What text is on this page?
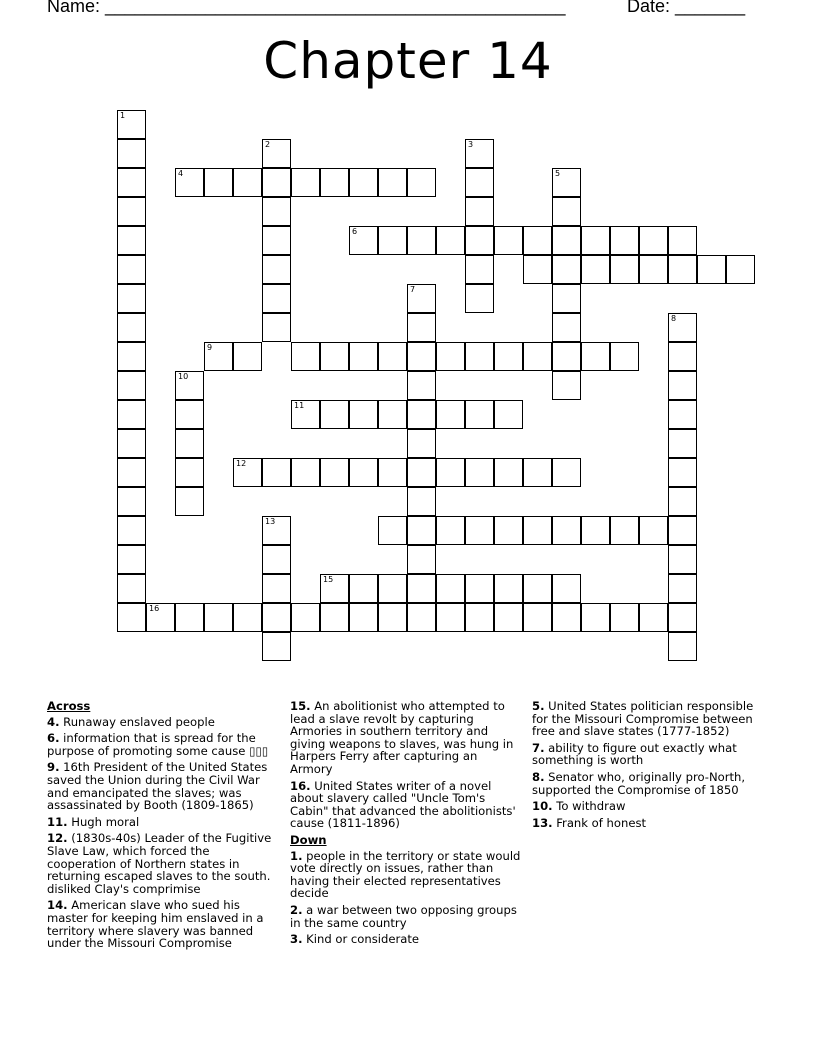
Name: ______________________________________________	Date: _______
Chapter 14
1
2	3
5
4
6
7
8
9
10
11
12
13
15
16
Across
4. Runaway enslaved people
6. information that is spread for the purpose of promoting some cause ▯▯▯
9. 16th President of the United States saved the Union during the Civil War and emancipated the slaves; was assassinated by Booth (1809-1865)
11. Hugh moral
12. (1830s-40s) Leader of the Fugitive Slave Law, which forced the cooperation of Northern states in returning escaped slaves to the south. disliked Clay's comprimise
14. American slave who sued his master for keeping him enslaved in a territory where slavery was banned under the Missouri Compromise
15. An abolitionist who attempted to lead a slave revolt by capturing Armories in southern territory and giving weapons to slaves, was hung in Harpers Ferry after capturing an Armory
16. United States writer of a novel about slavery called "Uncle Tom's Cabin" that advanced the abolitionists' cause (1811-1896)
Down
1. people in the territory or state would vote directly on issues, rather than having their elected representatives decide
2. a war between two opposing groups in the same country
3. Kind or considerate
5. United States politician responsible for the Missouri Compromise between free and slave states (1777-1852)
7. ability to figure out exactly what something is worth
8. Senator who, originally pro-North, supported the Compromise of 1850
10. To withdraw
13. Frank of honest
